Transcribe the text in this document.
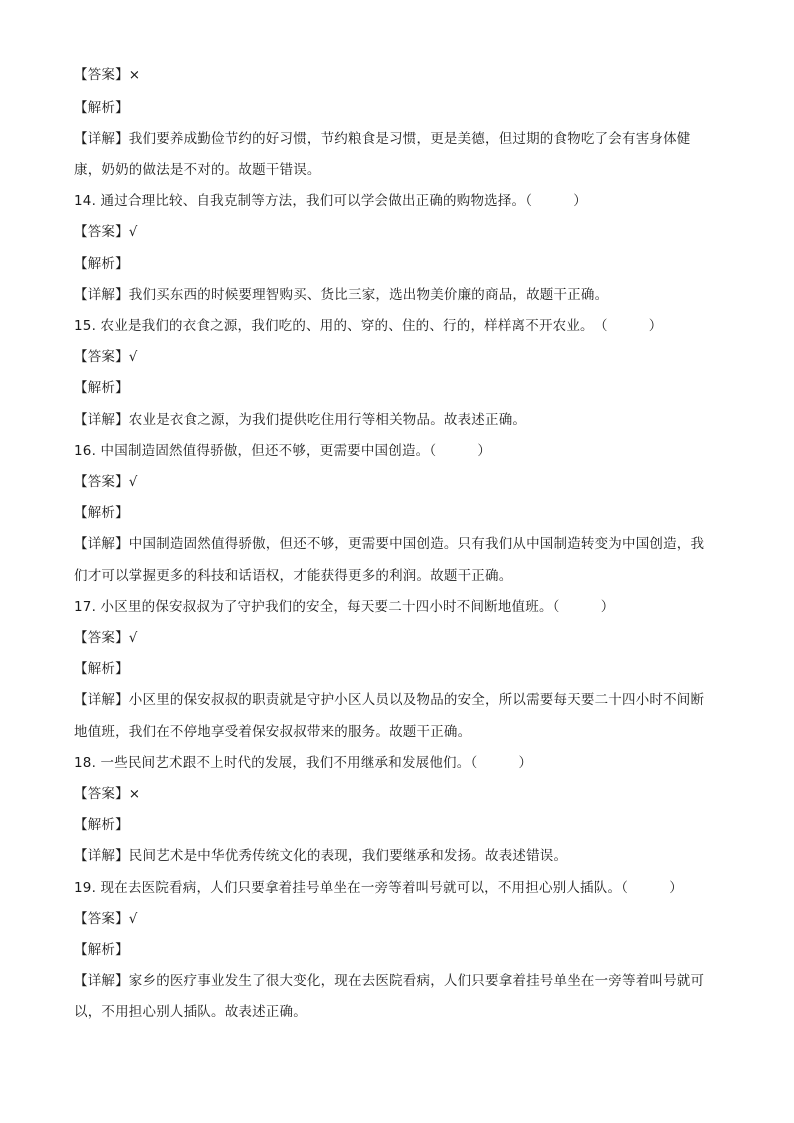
【答案】×
【解析】
【详解】我们要养成勤俭节约的好习惯，节约粮食是习惯，更是美德，但过期的食物吃了会有害身体健
康，奶奶的做法是不对的。故题干错误。
14. 通过合理比较、自我克制等方法，我们可以学会做出正确的购物选择。（　　　）
【答案】√
【解析】
【详解】我们买东西的时候要理智购买、货比三家，选出物美价廉的商品，故题干正确。
15. 农业是我们的衣食之源，我们吃的、用的、穿的、住的、行的，样样离不开农业。　（　　　）
【答案】√
【解析】
【详解】农业是衣食之源，为我们提供吃住用行等相关物品。故表述正确。
16. 中国制造固然值得骄傲，但还不够，更需要中国创造。（　　　）
【答案】√
【解析】
【详解】中国制造固然值得骄傲，但还不够，更需要中国创造。只有我们从中国制造转变为中国创造，我
们才可以掌握更多的科技和话语权，才能获得更多的利润。故题干正确。
17. 小区里的保安叔叔为了守护我们的安全，每天要二十四小时不间断地值班。（　　　）
【答案】√
【解析】
【详解】小区里的保安叔叔的职责就是守护小区人员以及物品的安全，所以需要每天要二十四小时不间断
地值班，我们在不停地享受着保安叔叔带来的服务。故题干正确。
18. 一些民间艺术跟不上时代的发展，我们不用继承和发展他们。（　　　）
【答案】×
【解析】
【详解】民间艺术是中华优秀传统文化的表现，我们要继承和发扬。故表述错误。
19. 现在去医院看病，人们只要拿着挂号单坐在一旁等着叫号就可以，不用担心别人插队。（　　　）
【答案】√
【解析】
【详解】家乡的医疗事业发生了很大变化，现在去医院看病，人们只要拿着挂号单坐在一旁等着叫号就可
以，不用担心别人插队。故表述正确。
